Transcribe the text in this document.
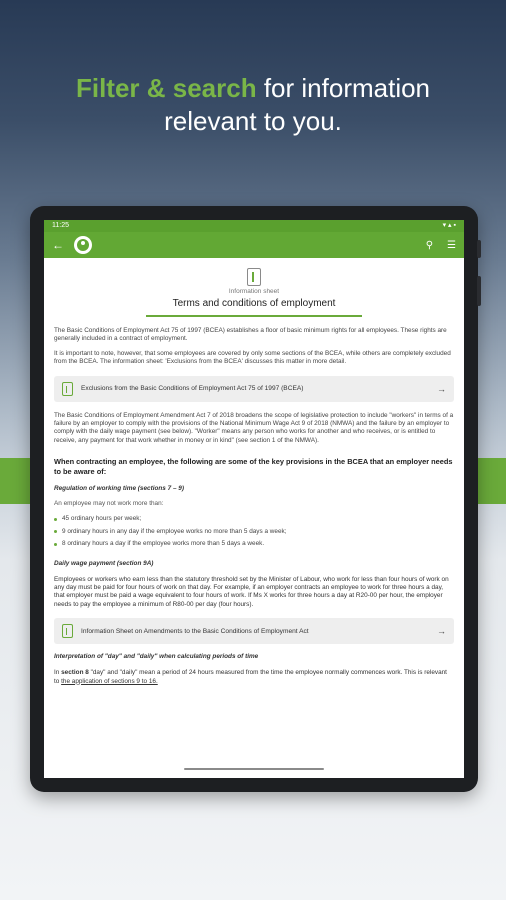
Filter & search for information
relevant to you.
11:25	▾ ▴ ▪
←	⚲ ☰
Information sheet
Terms and conditions of employment

The Basic Conditions of Employment Act 75 of 1997 (BCEA) establishes a floor of basic minimum rights for all employees. These rights are generally included in a contract of employment.

It is important to note, however, that some employees are covered by only some sections of the BCEA, while others are completely excluded from the BCEA. The information sheet: 'Exclusions from the BCEA' discusses this matter in more detail.

Exclusions from the Basic Conditions of Employment Act 75 of 1997 (BCEA)	→

The Basic Conditions of Employment Amendment Act 7 of 2018 broadens the scope of legislative protection to include "workers" in terms of a failure by an employer to comply with the provisions of the National Minimum Wage Act 9 of 2018 (NMWA) and the failure by an employer to comply with the daily wage payment (see below). "Worker" means any person who works for another and who receives, or is entitled to receive, any payment for that work whether in money or in kind" (see section 1 of the NMWA).

When contracting an employee, the following are some of the key provisions in the BCEA that an employer needs to be aware of:

Regulation of working time (sections 7 – 9)

An employee may not work more than:

45 ordinary hours per week;
9 ordinary hours in any day if the employee works no more than 5 days a week;
8 ordinary hours a day if the employee works more than 5 days a week.

Daily wage payment (section 9A)

Employees or workers who earn less than the statutory threshold set by the Minister of Labour, who work for less than four hours of work on any day must be paid for four hours of work on that day. For example, if an employer contracts an employee to work for three hours a day, that employer must be paid a wage equivalent to four hours of work. If Ms X works for three hours a day at R20-00 per hour, the employer needs to pay the employee a minimum of R80-00 per day (four hours).

Information Sheet on Amendments to the Basic Conditions of Employment Act	→

Interpretation of "day" and "daily" when calculating periods of time

In section 8 "day" and "daily" mean a period of 24 hours measured from the time the employee normally commences work. This is relevant to the application of sections 9 to 16.
